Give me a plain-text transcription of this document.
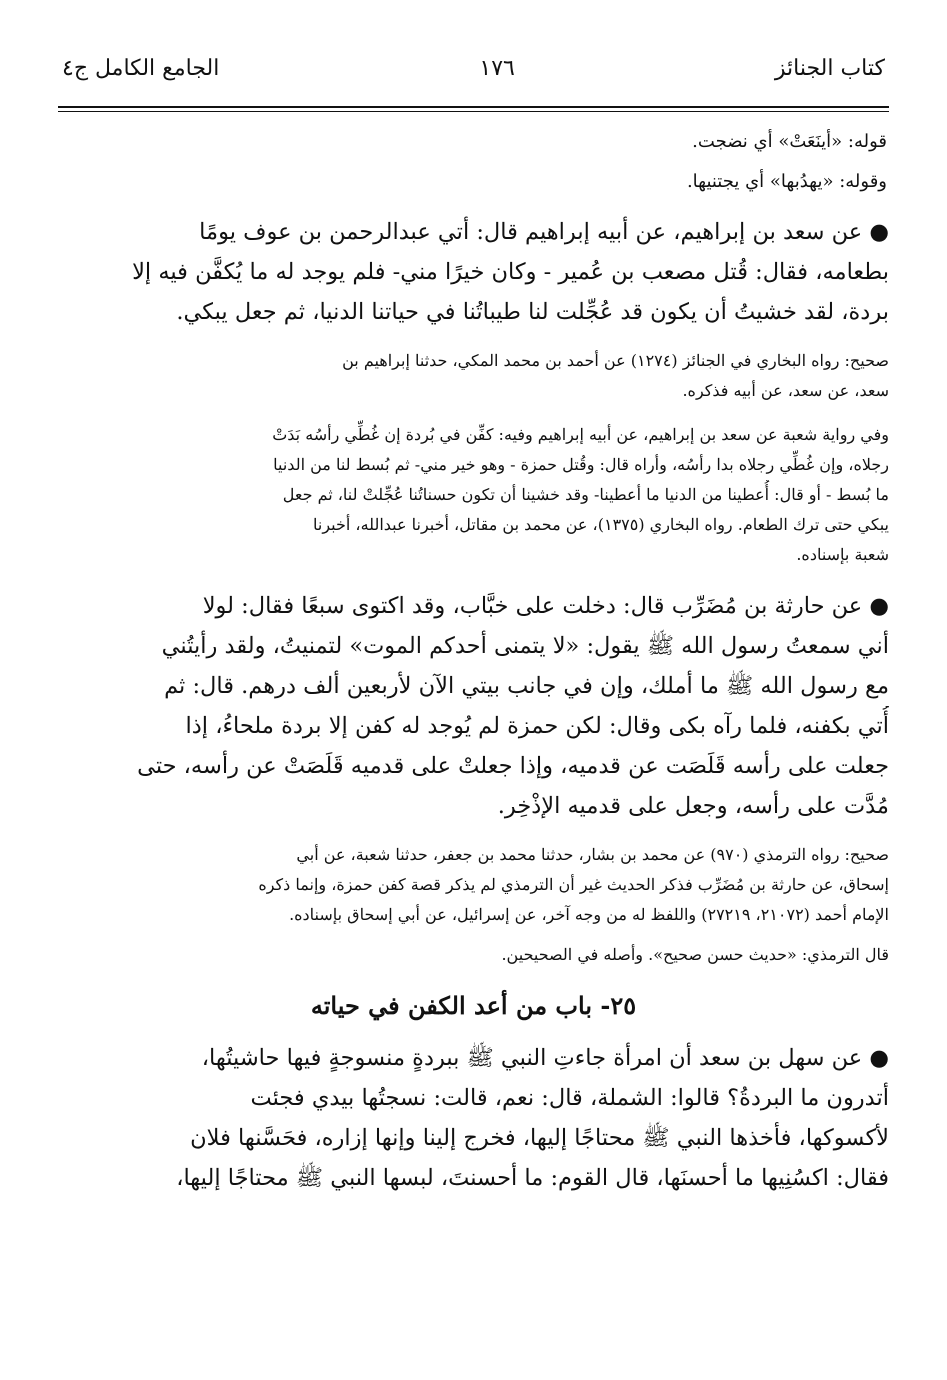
كتاب الجنائز
١٧٦
الجامع الكامل ج٤
قوله: «أينَعَتْ» أي نضجت.
وقوله: «يهدُبها» أي يجتنيها.
● عن سعد بن إبراهيم، عن أبيه إبراهيم قال: أتي عبدالرحمن بن عوف يومًا
بطعامه، فقال: قُتل مصعب بن عُمير - وكان خيرًا مني- فلم يوجد له ما يُكفَّن فيه إلا
بردة، لقد خشيتُ أن يكون قد عُجِّلت لنا طيباتُنا في حياتنا الدنيا، ثم جعل يبكي.
صحيح: رواه البخاري في الجنائز (١٢٧٤) عن أحمد بن محمد المكي، حدثنا إبراهيم بن
سعد، عن سعد، عن أبيه فذكره.
وفي رواية شعبة عن سعد بن إبراهيم، عن أبيه إبراهيم وفيه: كفِّن في بُردة إن غُطِّي رأسُه بَدَتْ
رجلاه، وإن غُطِّي رجلاه بدا رأسُه، وأراه قال: وقُتل حمزة - وهو خير مني- ثم بُسط لنا من الدنيا
ما بُسط - أو قال: أُعطينا من الدنيا ما أعطينا- وقد خشينا أن تكون حسناتُنا عُجِّلتْ لنا، ثم جعل
يبكي حتى ترك الطعام. رواه البخاري (١٣٧٥)، عن محمد بن مقاتل، أخبرنا عبدالله، أخبرنا
شعبة بإسناده.
● عن حارثة بن مُضَرِّب قال: دخلت على خبَّاب، وقد اكتوى سبعًا فقال: لولا
أني سمعتُ رسول الله ﷺ يقول: «لا يتمنى أحدكم الموت» لتمنيتُ، ولقد رأيتُني
مع رسول الله ﷺ ما أملك، وإن في جانب بيتي الآن لأربعين ألف درهم. قال: ثم
أُتي بكفنه، فلما رآه بكى وقال: لكن حمزة لم يُوجد له كفن إلا بردة ملحاءُ، إذا
جعلت على رأسه قَلَصَت عن قدميه، وإذا جعلتْ على قدميه قَلَصَتْ عن رأسه، حتى
مُدَّت على رأسه، وجعل على قدميه الإذْخِر.
صحيح: رواه الترمذي (٩٧٠) عن محمد بن بشار، حدثنا محمد بن جعفر، حدثنا شعبة، عن أبي
إسحاق، عن حارثة بن مُضَرِّب فذكر الحديث غير أن الترمذي لم يذكر قصة كفن حمزة، وإنما ذكره
الإمام أحمد (٢١٠٧٢، ٢٧٢١٩) واللفظ له من وجه آخر، عن إسرائيل، عن أبي إسحاق بإسناده.
قال الترمذي: «حديث حسن صحيح». وأصله في الصحيحين.
٢٥- باب من أعد الكفن في حياته
● عن سهل بن سعد أن امرأة جاءتِ النبي ﷺ ببردةٍ منسوجةٍ فيها حاشيتُها،
أتدرون ما البردةُ؟ قالوا: الشملة، قال: نعم، قالت: نسجتُها بيدي فجئت
لأكسوكها، فأخذها النبي ﷺ محتاجًا إليها، فخرج إلينا وإنها إزاره، فحَسَّنها فلان
فقال: اكسُنِيها ما أحسنَها، قال القوم: ما أحسنتَ، لبسها النبي ﷺ محتاجًا إليها،
